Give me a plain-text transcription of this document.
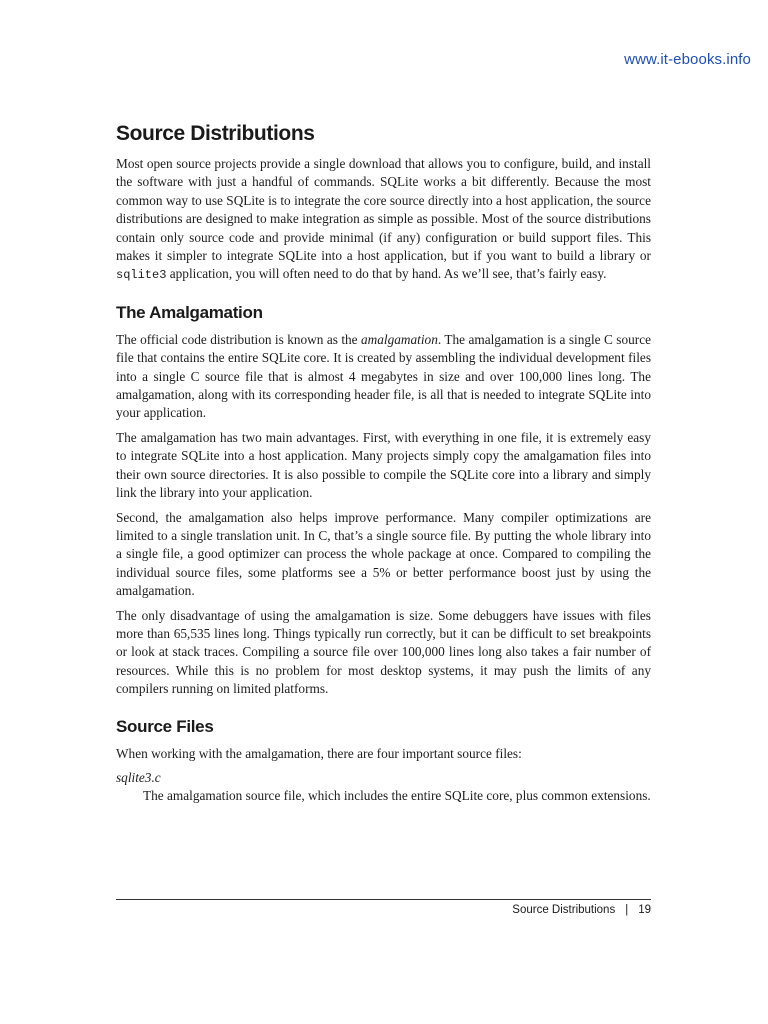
www.it-ebooks.info
Source Distributions

Most open source projects provide a single download that allows you to configure, build, and install the software with just a handful of commands. SQLite works a bit differently. Because the most common way to use SQLite is to integrate the core source directly into a host application, the source distributions are designed to make integration as simple as possible. Most of the source distributions contain only source code and provide minimal (if any) configuration or build support files. This makes it simpler to integrate SQLite into a host application, but if you want to build a library or sqlite3 application, you will often need to do that by hand. As we’ll see, that’s fairly easy.

The Amalgamation

The official code distribution is known as the amalgamation. The amalgamation is a single C source file that contains the entire SQLite core. It is created by assembling the individual development files into a single C source file that is almost 4 megabytes in size and over 100,000 lines long. The amalgamation, along with its corresponding header file, is all that is needed to integrate SQLite into your application.

The amalgamation has two main advantages. First, with everything in one file, it is extremely easy to integrate SQLite into a host application. Many projects simply copy the amalgamation files into their own source directories. It is also possible to compile the SQLite core into a library and simply link the library into your application.

Second, the amalgamation also helps improve performance. Many compiler optimizations are limited to a single translation unit. In C, that’s a single source file. By putting the whole library into a single file, a good optimizer can process the whole package at once. Compared to compiling the individual source files, some platforms see a 5% or better performance boost just by using the amalgamation.

The only disadvantage of using the amalgamation is size. Some debuggers have issues with files more than 65,535 lines long. Things typically run correctly, but it can be difficult to set breakpoints or look at stack traces. Compiling a source file over 100,000 lines long also takes a fair number of resources. While this is no problem for most desktop systems, it may push the limits of any compilers running on limited platforms.

Source Files

When working with the amalgamation, there are four important source files:

sqlite3.c
The amalgamation source file, which includes the entire SQLite core, plus common extensions.
Source Distributions | 19
